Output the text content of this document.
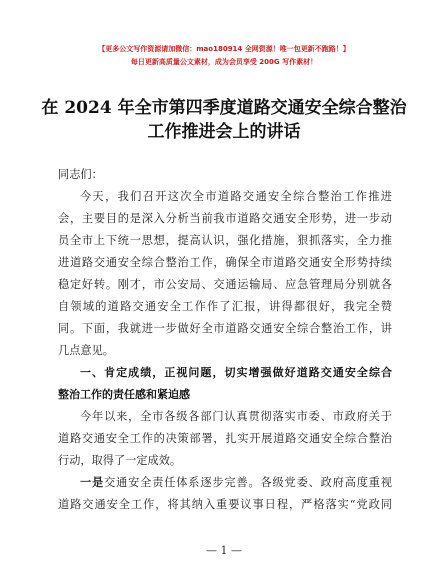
【更多公文写作资源请加微信：mao180914 全网资源！唯一包更新不跑路！】
每日更新高质量公文素材，成为会员享受 200G 写作素材！
在 2024 年全市第四季度道路交通安全综合整治
工作推进会上的讲话
同志们：
今天，我们召开这次全市道路交通安全综合整治工作推进
会，主要目的是深入分析当前我市道路交通安全形势，进一步动
员全市上下统一思想，提高认识，强化措施，狠抓落实，全力推
进道路交通安全综合整治工作，确保全市道路交通安全形势持续
稳定好转。刚才，市公安局、交通运输局、应急管理局分别就各
自领域的道路交通安全工作作了汇报，讲得都很好，我完全赞
同。下面，我就进一步做好全市道路交通安全综合整治工作，讲
几点意见。
一、肯定成绩，正视问题，切实增强做好道路交通安全综合
整治工作的责任感和紧迫感
今年以来，全市各级各部门认真贯彻落实市委、市政府关于
道路交通安全工作的决策部署，扎实开展道路交通安全综合整治
行动，取得了一定成效。
一是交通安全责任体系逐步完善。各级党委、政府高度重视
道路交通安全工作，将其纳入重要议事日程，严格落实“党政同
— 1 —
